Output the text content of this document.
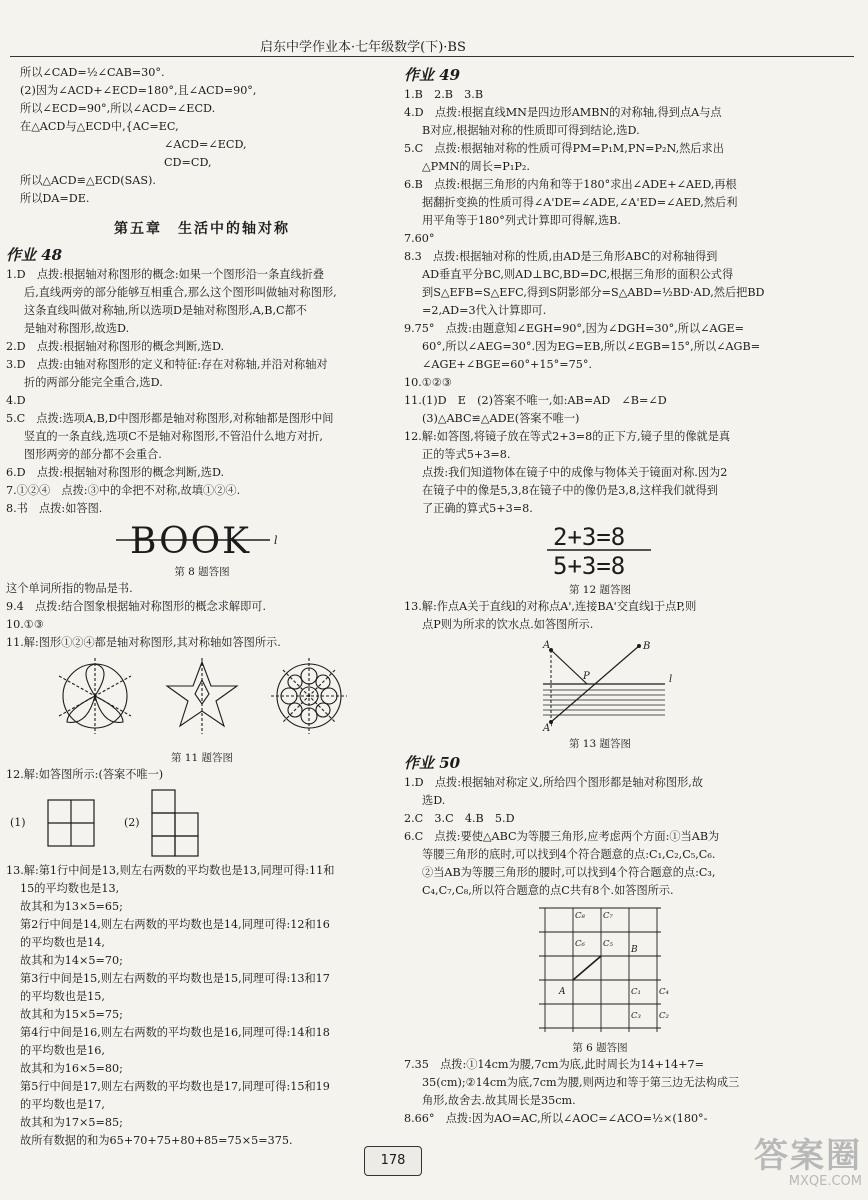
启东中学作业本·七年级数学(下)·BS
所以∠CAD=½∠CAB=30°.
(2)因为∠ACD+∠ECD=180°,且∠ACD=90°,
所以∠ECD=90°,所以∠ACD=∠ECD.
在△ACD与△ECD中,{AC=EC,
∠ACD=∠ECD,
CD=CD,
所以△ACD≌△ECD(SAS).
所以DA=DE.
第五章　生活中的轴对称
作业 48
1.D　点拨:根据轴对称图形的概念:如果一个图形沿一条直线折叠
后,直线两旁的部分能够互相重合,那么这个图形叫做轴对称图形,
这条直线叫做对称轴,所以选项D是轴对称图形,A,B,C都不
是轴对称图形,故选D.
2.D　点拨:根据轴对称图形的概念判断,选D.
3.D　点拨:由轴对称图形的定义和特征:存在对称轴,并沿对称轴对
折的两部分能完全重合,选D.
4.D
5.C　点拨:选项A,B,D中图形都是轴对称图形,对称轴都是图形中间
竖直的一条直线,选项C不是轴对称图形,不管沿什么地方对折,
图形两旁的部分都不会重合.
6.D　点拨:根据轴对称图形的概念判断,选D.
7.①②④　点拨:③中的伞把不对称,故填①②④.
8.书　点拨:如答图.
BOOK l
第 8 题答图
这个单词所指的物品是书.
9.4　点拨:结合图象根据轴对称图形的概念求解即可.
10.①③
11.解:图形①②④都是轴对称图形,其对称轴如答图所示.
第 11 题答图
12.解:如答图所示:(答案不唯一)
(1)	(2)
13.解:第1行中间是13,则左右两数的平均数也是13,同理可得:11和
15的平均数也是13,
故其和为13×5=65;
第2行中间是14,则左右两数的平均数也是14,同理可得:12和16
的平均数也是14,
故其和为14×5=70;
第3行中间是15,则左右两数的平均数也是15,同理可得:13和17
的平均数也是15,
故其和为15×5=75;
第4行中间是16,则左右两数的平均数也是16,同理可得:14和18
的平均数也是16,
故其和为16×5=80;
第5行中间是17,则左右两数的平均数也是17,同理可得:15和19
的平均数也是17,
故其和为17×5=85;
故所有数据的和为65+70+75+80+85=75×5=375.
作业 49
1.B　2.B　3.B
4.D　点拨:根据直线MN是四边形AMBN的对称轴,得到点A与点
B对应,根据轴对称的性质即可得到结论,选D.
5.C　点拨:根据轴对称的性质可得PM=P₁M,PN=P₂N,然后求出
△PMN的周长=P₁P₂.
6.B　点拨:根据三角形的内角和等于180°求出∠ADE+∠AED,再根
据翻折变换的性质可得∠A'DE=∠ADE,∠A'ED=∠AED,然后利
用平角等于180°列式计算即可得解,选B.
7.60°
8.3　点拨:根据轴对称的性质,由AD是三角形ABC的对称轴得到
AD垂直平分BC,则AD⊥BC,BD=DC,根据三角形的面积公式得
到S△EFB=S△EFC,得到S阴影部分=S△ABD=½BD·AD,然后把BD
=2,AD=3代入计算即可.
9.75°　点拨:由题意知∠EGH=90°,因为∠DGH=30°,所以∠AGE=
60°,所以∠AEG=30°.因为EG=EB,所以∠EGB=15°,所以∠AGB=
∠AGE+∠BGE=60°+15°=75°.
10.①②③
11.(1)D　E　(2)答案不唯一,如:AB=AD　∠B=∠D
(3)△ABC≌△ADE(答案不唯一)
12.解:如答图,将镜子放在等式2+3=8的正下方,镜子里的像就是真
正的等式5+3=8.
点拨:我们知道物体在镜子中的成像与物体关于镜面对称.因为2
在镜子中的像是5,3,8在镜子中的像仍是3,8,这样我们就得到
了正确的算式5+3=8.
2+3=8
5+3=8
第 12 题答图
13.解:作点A关于直线l的对称点A',连接BA'交直线l于点P,则
点P则为所求的饮水点.如答图所示.
A	B
P	l
A'
第 13 题答图
作业 50
1.D　点拨:根据轴对称定义,所给四个图形都是轴对称图形,故
选D.
2.C　3.C　4.B　5.D
6.C　点拨:要使△ABC为等腰三角形,应考虑两个方面:①当AB为
等腰三角形的底时,可以找到4个符合题意的点:C₁,C₂,C₅,C₆.
②当AB为等腰三角形的腰时,可以找到4个符合题意的点:C₃,
C₄,C₇,C₈,所以符合题意的点C共有8个.如答图所示.
C₈ C₇
C₆ C₅
B
A	C₁ C₄
C₃ C₂
第 6 题答图
7.35　点拨:①14cm为腰,7cm为底,此时周长为14+14+7=
35(cm);②14cm为底,7cm为腰,则两边和等于第三边无法构成三
角形,故舍去.故其周长是35cm.
8.66°　点拨:因为AO=AC,所以∠AOC=∠ACO=½×(180°-
178	答案圈
MXQE.COM
